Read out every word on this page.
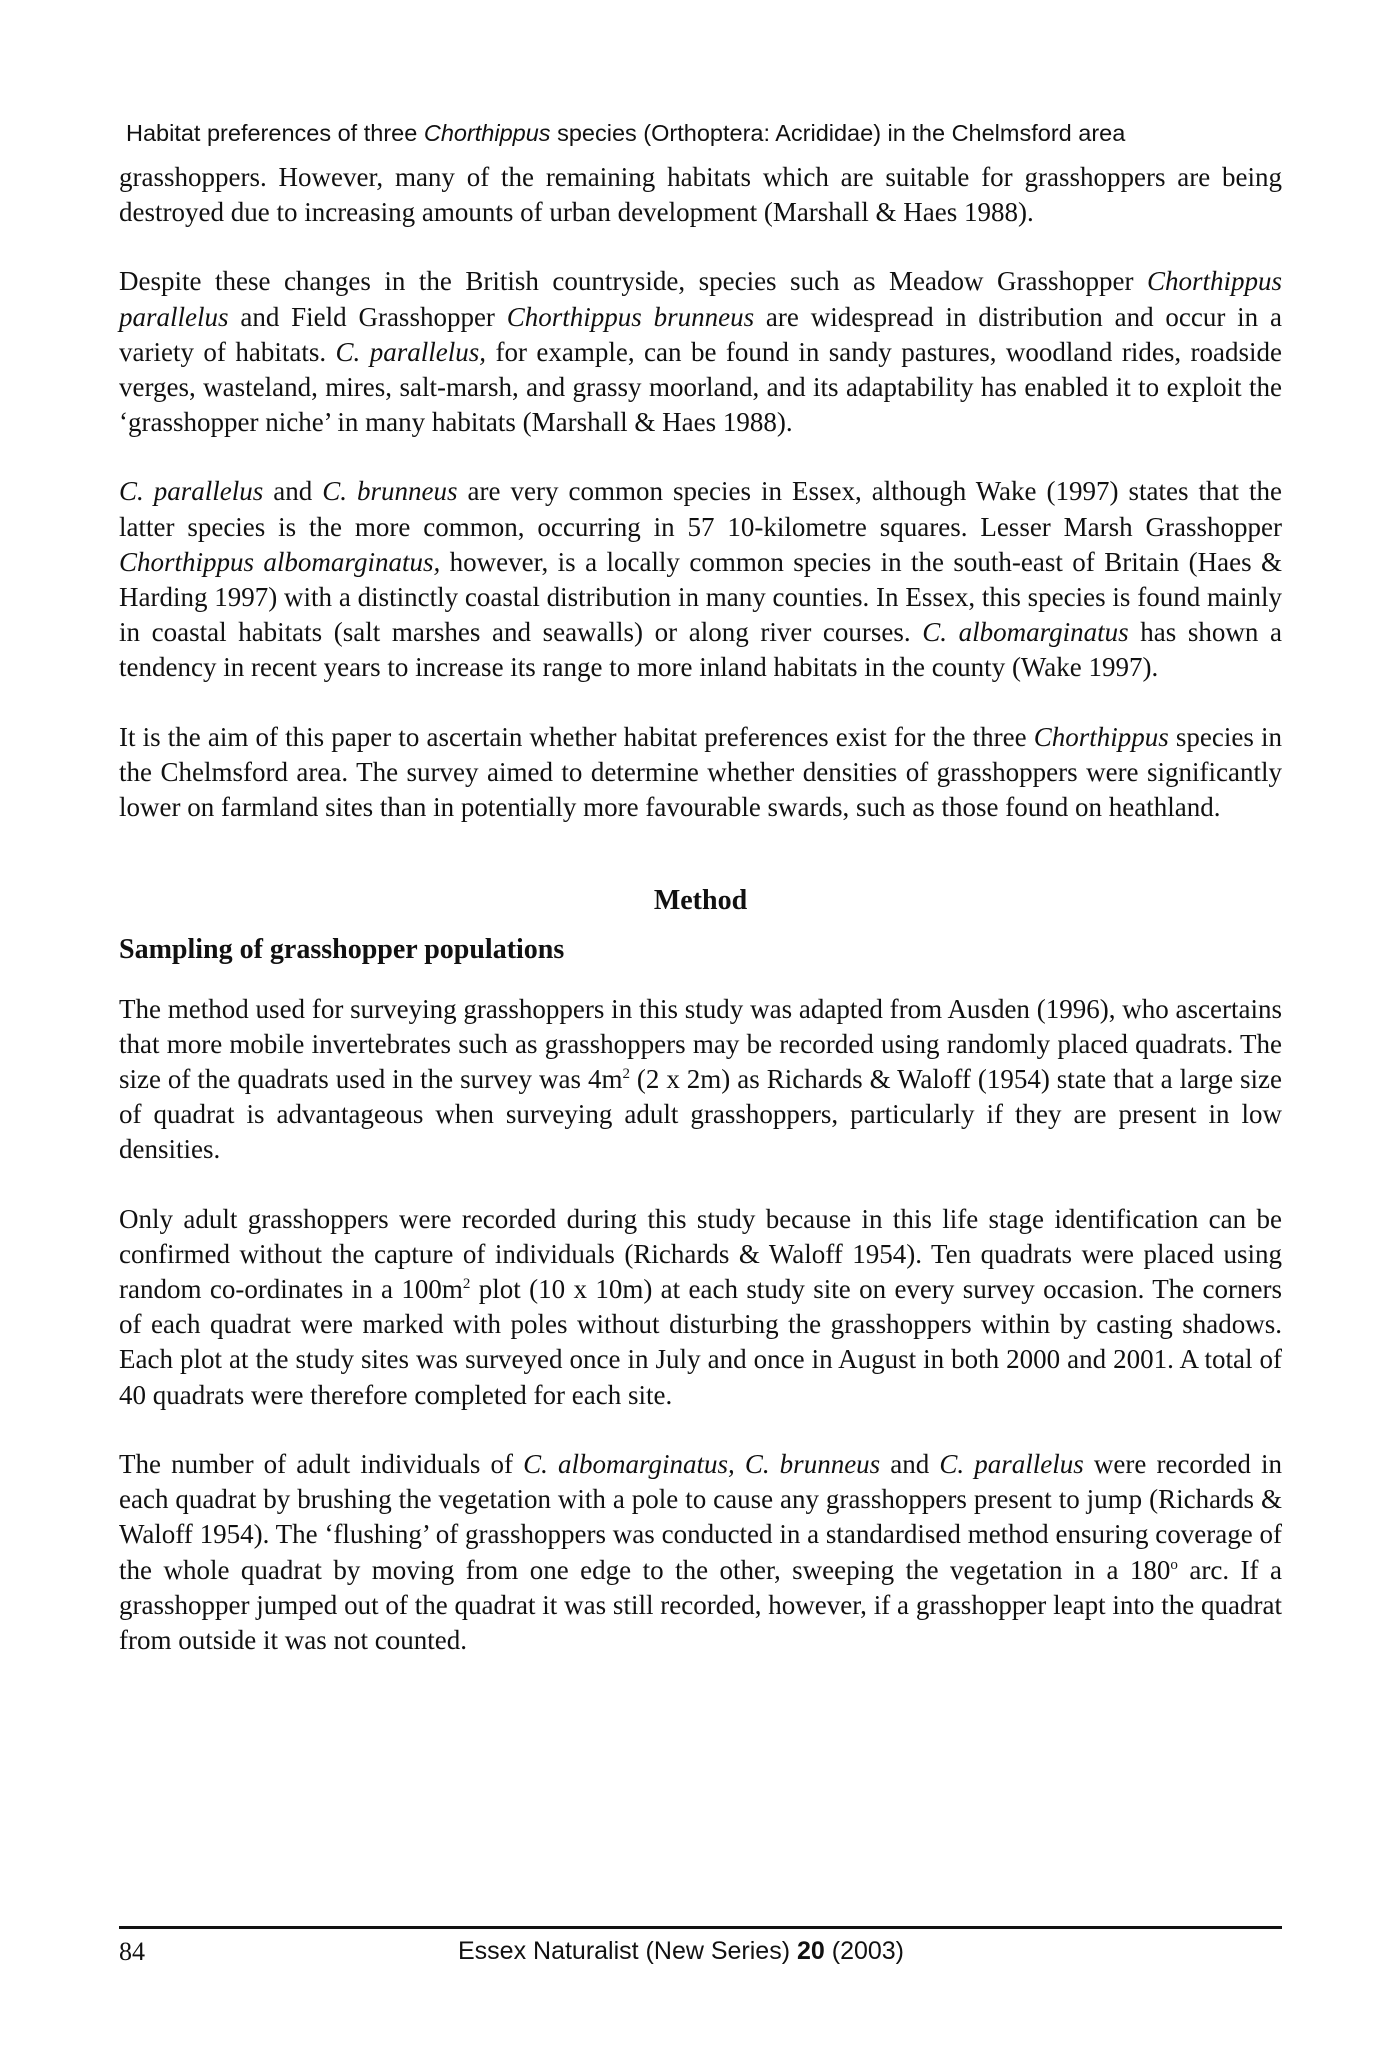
Habitat preferences of three Chorthippus species (Orthoptera: Acrididae) in the Chelmsford area

grasshoppers. However, many of the remaining habitats which are suitable for grasshoppers are being destroyed due to increasing amounts of urban development (Marshall & Haes 1988).

Despite these changes in the British countryside, species such as Meadow Grasshopper Chorthippus parallelus and Field Grasshopper Chorthippus brunneus are widespread in distribution and occur in a variety of habitats. C. parallelus, for example, can be found in sandy pastures, woodland rides, roadside verges, wasteland, mires, salt-marsh, and grassy moorland, and its adaptability has enabled it to exploit the ‘grasshopper niche’ in many habitats (Marshall & Haes 1988).

C. parallelus and C. brunneus are very common species in Essex, although Wake (1997) states that the latter species is the more common, occurring in 57 10-kilometre squares. Lesser Marsh Grasshopper Chorthippus albomarginatus, however, is a locally common species in the south-east of Britain (Haes & Harding 1997) with a distinctly coastal distribution in many counties. In Essex, this species is found mainly in coastal habitats (salt marshes and seawalls) or along river courses. C. albomarginatus has shown a tendency in recent years to increase its range to more inland habitats in the county (Wake 1997).

It is the aim of this paper to ascertain whether habitat preferences exist for the three Chorthippus species in the Chelmsford area. The survey aimed to determine whether densities of grasshoppers were significantly lower on farmland sites than in potentially more favourable swards, such as those found on heathland.

Method
Sampling of grasshopper populations

The method used for surveying grasshoppers in this study was adapted from Ausden (1996), who ascertains that more mobile invertebrates such as grasshoppers may be recorded using randomly placed quadrats. The size of the quadrats used in the survey was $4m^2$ (2 x 2m) as Richards & Waloff (1954) state that a large size of quadrat is advantageous when surveying adult grasshoppers, particularly if they are present in low densities.

Only adult grasshoppers were recorded during this study because in this life stage identification can be confirmed without the capture of individuals (Richards & Waloff 1954). Ten quadrats were placed using random co-ordinates in a $100m^2$ plot (10 x 10m) at each study site on every survey occasion. The corners of each quadrat were marked with poles without disturbing the grasshoppers within by casting shadows. Each plot at the study sites was surveyed once in July and once in August in both 2000 and 2001. A total of 40 quadrats were therefore completed for each site.

The number of adult individuals of C. albomarginatus, C. brunneus and C. parallelus were recorded in each quadrat by brushing the vegetation with a pole to cause any grasshoppers present to jump (Richards & Waloff 1954). The ‘flushing’ of grasshoppers was conducted in a standardised method ensuring coverage of the whole quadrat by moving from one edge to the other, sweeping the vegetation in a 180$^o$ arc. If a grasshopper jumped out of the quadrat it was still recorded, however, if a grasshopper leapt into the quadrat from outside it was not counted.

84	Essex Naturalist (New Series) 20 (2003)
